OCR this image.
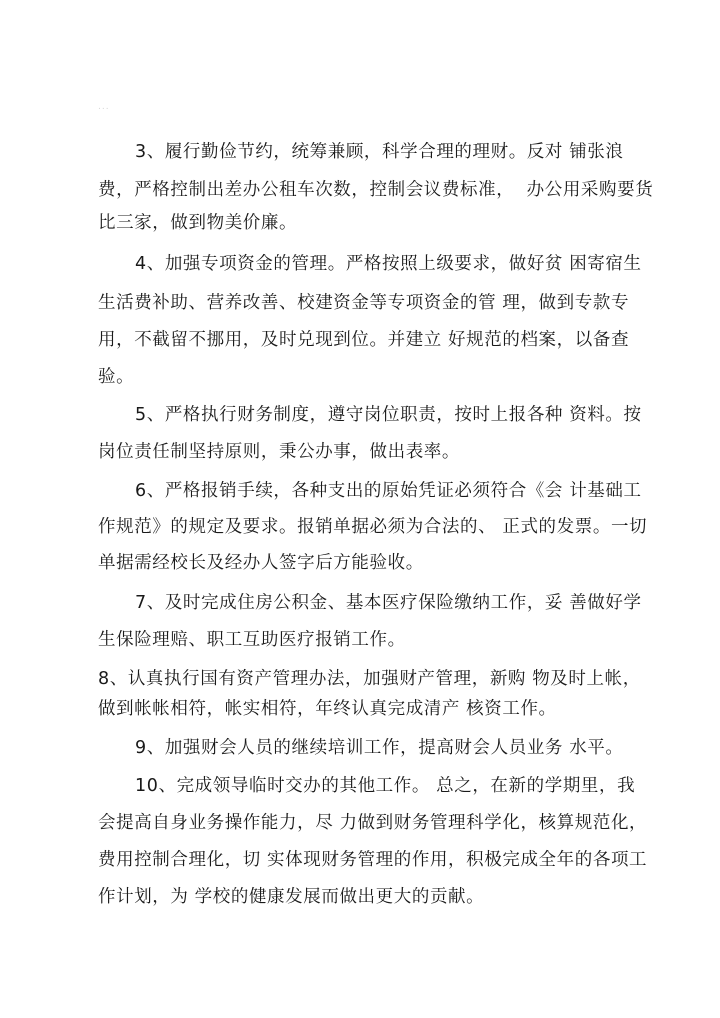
...
3、履行勤俭节约，统筹兼顾，科学合理的理财。反对 铺张浪
费，严格控制出差办公租车次数，控制会议费标准，  办公用采购要货
比三家，做到物美价廉。
4、加强专项资金的管理。严格按照上级要求，做好贫 困寄宿生
生活费补助、营养改善、校建资金等专项资金的管 理，做到专款专
用，不截留不挪用，及时兑现到位。并建立 好规范的档案，以备查
验。
5、严格执行财务制度，遵守岗位职责，按时上报各种 资料。按
岗位责任制坚持原则，秉公办事，做出表率。
6、严格报销手续，各种支出的原始凭证必须符合《会 计基础工
作规范》的规定及要求。报销单据必须为合法的、 正式的发票。一切
单据需经校长及经办人签字后方能验收。
7、及时完成住房公积金、基本医疗保险缴纳工作，妥 善做好学
生保险理赔、职工互助医疗报销工作。
8、认真执行国有资产管理办法，加强财产管理，新购 物及时上帐，
做到帐帐相符，帐实相符，年终认真完成清产 核资工作。
9、加强财会人员的继续培训工作，提高财会人员业务 水平。
10、完成领导临时交办的其他工作。 总之，在新的学期里，我
会提高自身业务操作能力，尽 力做到财务管理科学化，核算规范化，
费用控制合理化，切 实体现财务管理的作用，积极完成全年的各项工
作计划，为 学校的健康发展而做出更大的贡献。
